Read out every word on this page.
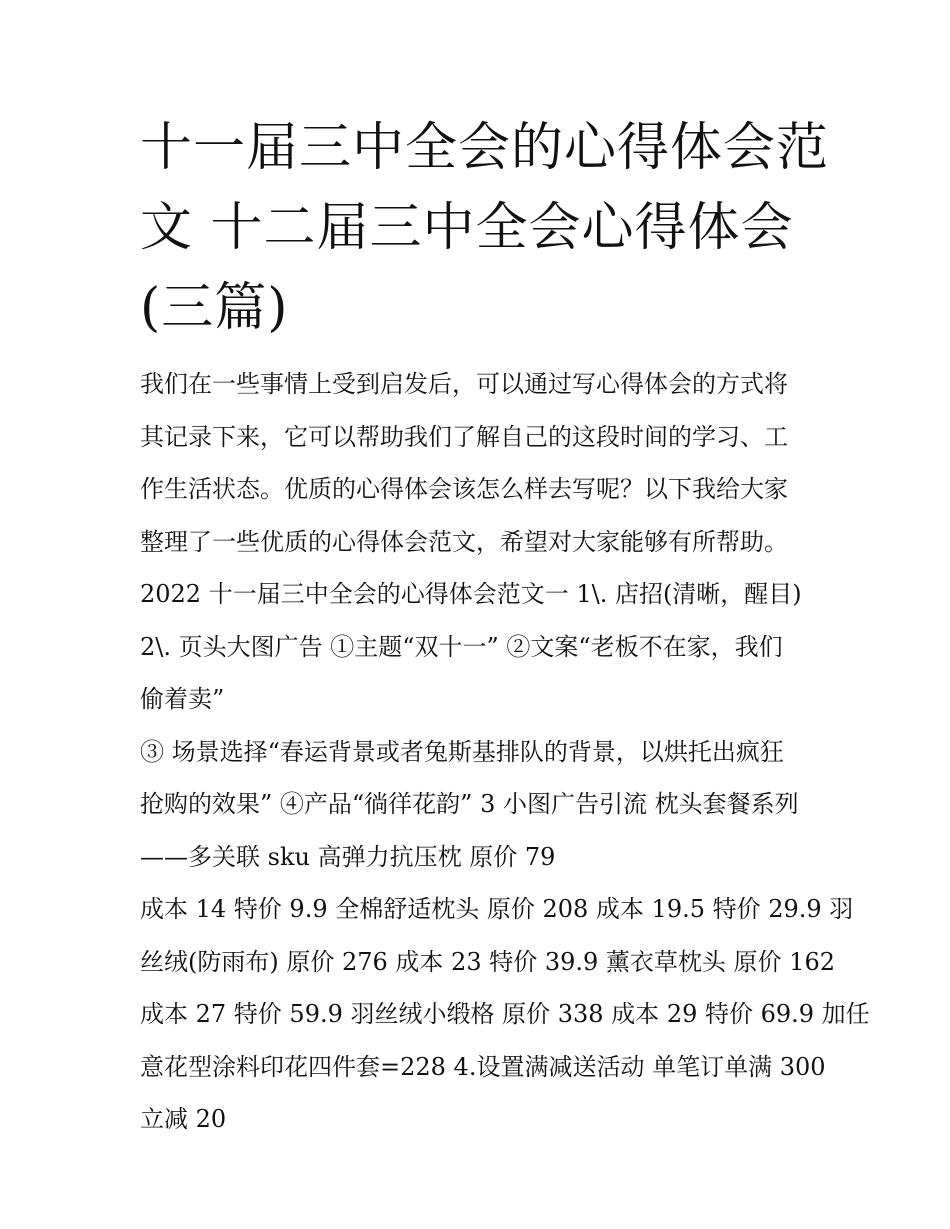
十一届三中全会的心得体会范
文 十二届三中全会心得体会
(三篇)
我们在一些事情上受到启发后，可以通过写心得体会的方式将
其记录下来，它可以帮助我们了解自己的这段时间的学习、工
作生活状态。优质的心得体会该怎么样去写呢？以下我给大家
整理了一些优质的心得体会范文，希望对大家能够有所帮助。
2022 十一届三中全会的心得体会范文一 1\. 店招(清晰，醒目)
2\. 页头大图广告 ①主题“双十一” ②文案“老板不在家，我们
偷着卖”
③ 场景选择“春运背景或者兔斯基排队的背景，以烘托出疯狂
抢购的效果” ④产品“徜徉花韵” 3 小图广告引流 枕头套餐系列
——多关联 sku 高弹力抗压枕 原价 79
成本 14 特价 9.9 全棉舒适枕头 原价 208 成本 19.5 特价 29.9 羽
丝绒(防雨布) 原价 276 成本 23 特价 39.9 薰衣草枕头 原价 162
成本 27 特价 59.9 羽丝绒小缎格 原价 338 成本 29 特价 69.9 加任
意花型涂料印花四件套=228 4.设置满减送活动 单笔订单满 300
立减 20
